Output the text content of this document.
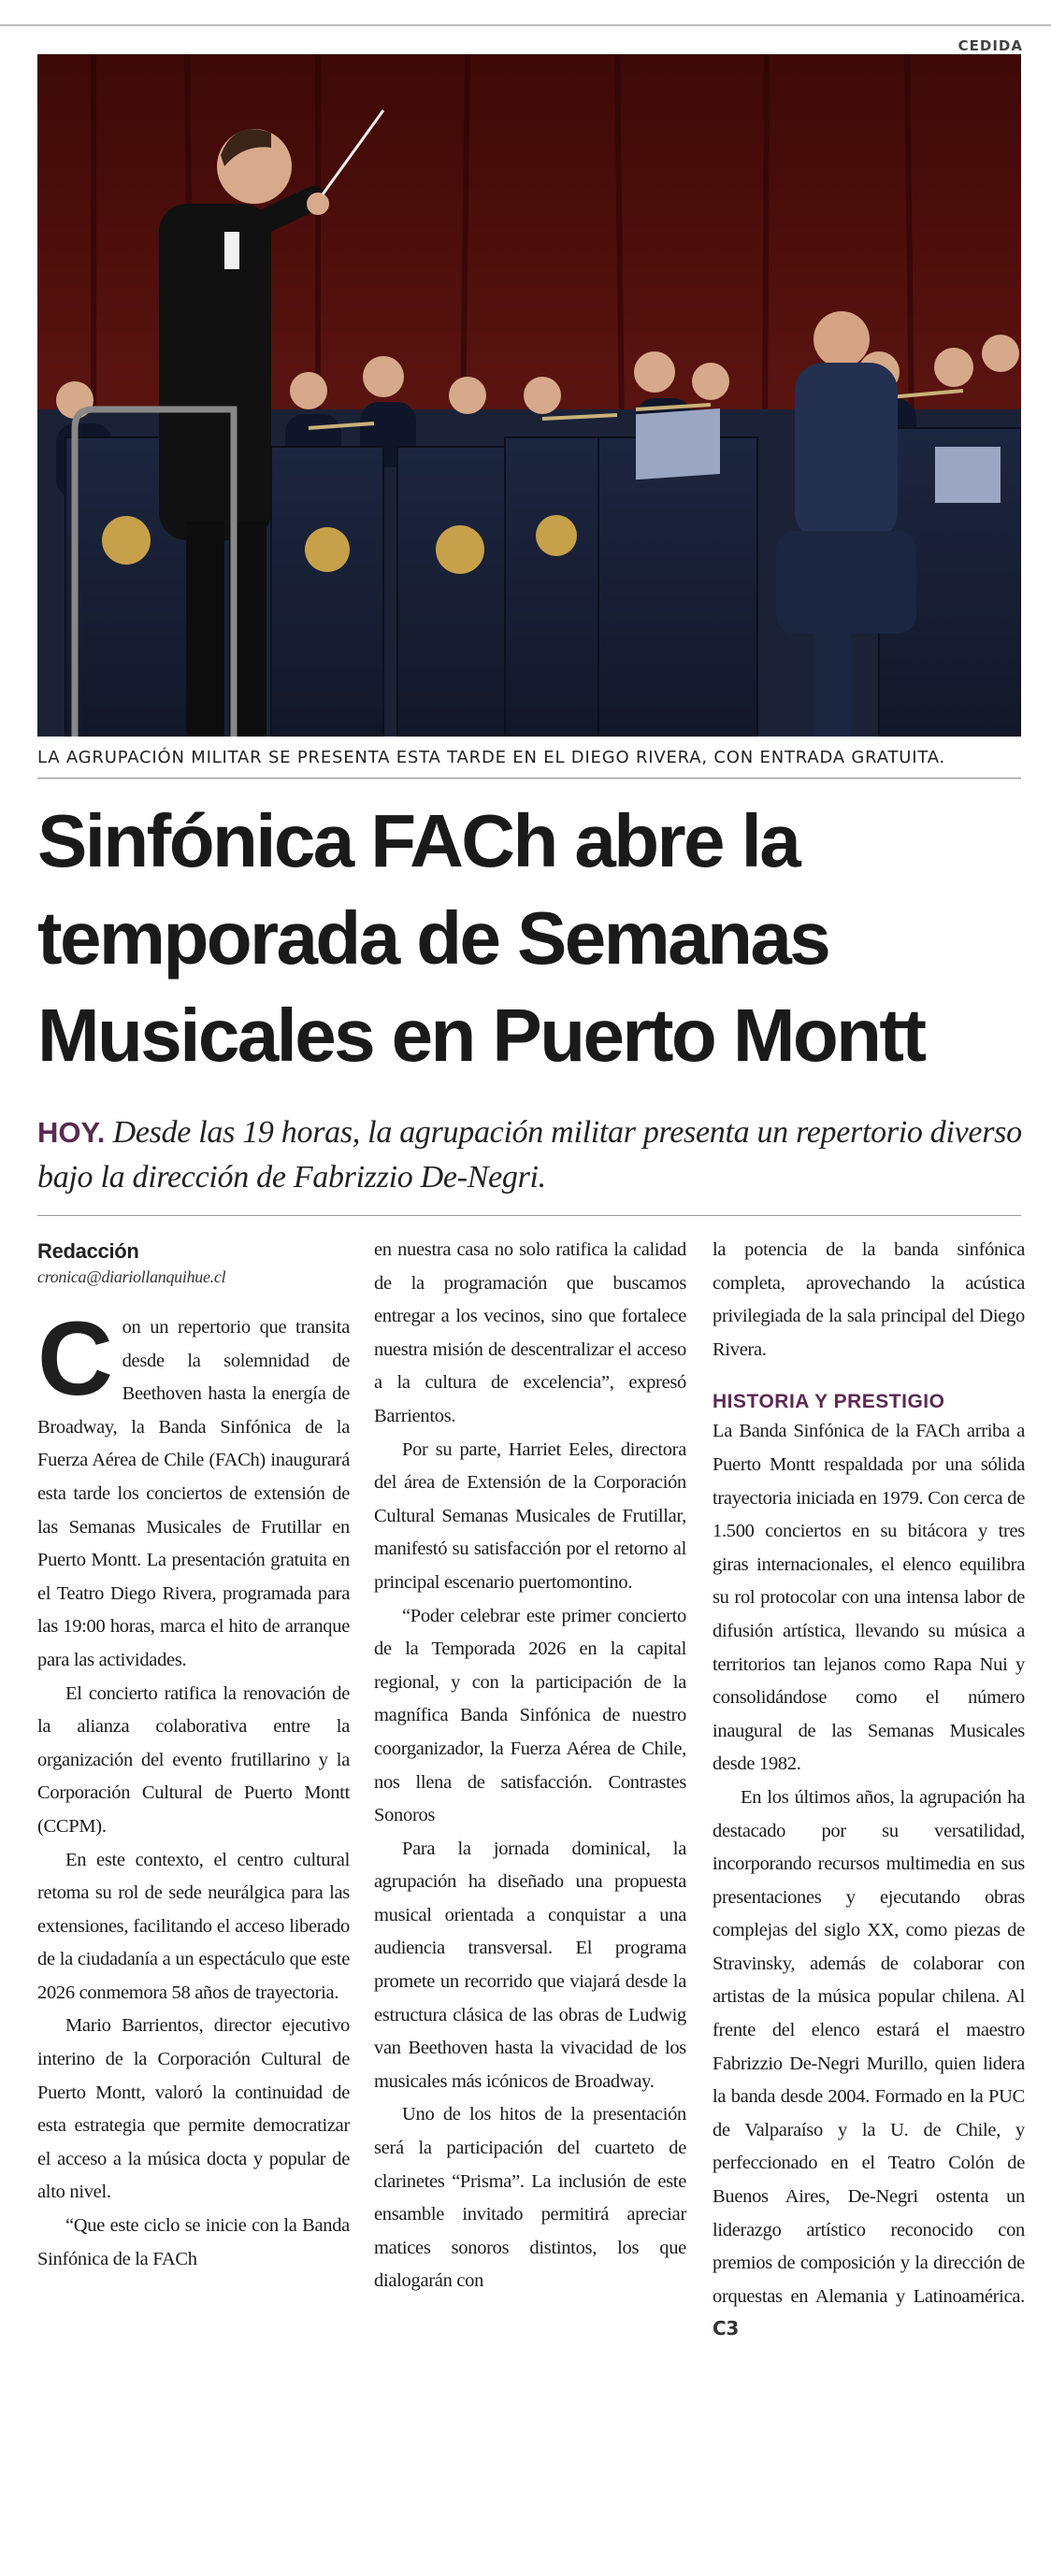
CEDIDA
LA AGRUPACIÓN MILITAR SE PRESENTA ESTA TARDE EN EL DIEGO RIVERA, CON ENTRADA GRATUITA.
Sinfónica FACh abre la temporada de Semanas Musicales en Puerto Montt
HOY. Desde las 19 horas, la agrupación militar presenta un repertorio diverso bajo la dirección de Fabrizzio De-Negri.
Redacción
cronica@diariollanquihue.cl

Con un repertorio que transita desde la solemnidad de Beethoven hasta la energía de Broadway, la Banda Sinfónica de la Fuerza Aérea de Chile (FACh) inaugurará esta tarde los conciertos de extensión de las Semanas Musicales de Frutillar en Puerto Montt. La presentación gratuita en el Teatro Diego Rivera, programada para las 19:00 horas, marca el hito de arranque para las actividades.

El concierto ratifica la renovación de la alianza colaborativa entre la organización del evento frutillarino y la Corporación Cultural de Puerto Montt (CCPM).

En este contexto, el centro cultural retoma su rol de sede neurálgica para las extensiones, facilitando el acceso liberado de la ciudadanía a un espectáculo que este 2026 conmemora 58 años de trayectoria.

Mario Barrientos, director ejecutivo interino de la Corporación Cultural de Puerto Montt, valoró la continuidad de esta estrategia que permite democratizar el acceso a la música docta y popular de alto nivel.

“Que este ciclo se inicie con la Banda Sinfónica de la FACh

en nuestra casa no solo ratifica la calidad de la programación que buscamos entregar a los vecinos, sino que fortalece nuestra misión de descentralizar el acceso a la cultura de excelencia”, expresó Barrientos.

Por su parte, Harriet Eeles, directora del área de Extensión de la Corporación Cultural Semanas Musicales de Frutillar, manifestó su satisfacción por el retorno al principal escenario puertomontino.

“Poder celebrar este primer concierto de la Temporada 2026 en la capital regional, y con la participación de la magnífica Banda Sinfónica de nuestro coorganizador, la Fuerza Aérea de Chile, nos llena de satisfacción. Contrastes Sonoros

Para la jornada dominical, la agrupación ha diseñado una propuesta musical orientada a conquistar a una audiencia transversal. El programa promete un recorrido que viajará desde la estructura clásica de las obras de Ludwig van Beethoven hasta la vivacidad de los musicales más icónicos de Broadway.

Uno de los hitos de la presentación será la participación del cuarteto de clarinetes “Prisma”. La inclusión de este ensamble invitado permitirá apreciar matices sonoros distintos, los que dialogarán con

la potencia de la banda sinfónica completa, aprovechando la acústica privilegiada de la sala principal del Diego Rivera.

HISTORIA Y PRESTIGIO

La Banda Sinfónica de la FACh arriba a Puerto Montt respaldada por una sólida trayectoria iniciada en 1979. Con cerca de 1.500 conciertos en su bitácora y tres giras internacionales, el elenco equilibra su rol protocolar con una intensa labor de difusión artística, llevando su música a territorios tan lejanos como Rapa Nui y consolidándose como el número inaugural de las Semanas Musicales desde 1982.

En los últimos años, la agrupación ha destacado por su versatilidad, incorporando recursos multimedia en sus presentaciones y ejecutando obras complejas del siglo XX, como piezas de Stravinsky, además de colaborar con artistas de la música popular chilena. Al frente del elenco estará el maestro Fabrizzio De-Negri Murillo, quien lidera la banda desde 2004. Formado en la PUC de Valparaíso y la U. de Chile, y perfeccionado en el Teatro Colón de Buenos Aires, De-Negri ostenta un liderazgo artístico reconocido con premios de composición y la dirección de orquestas en Alemania y Latinoamérica. C3
